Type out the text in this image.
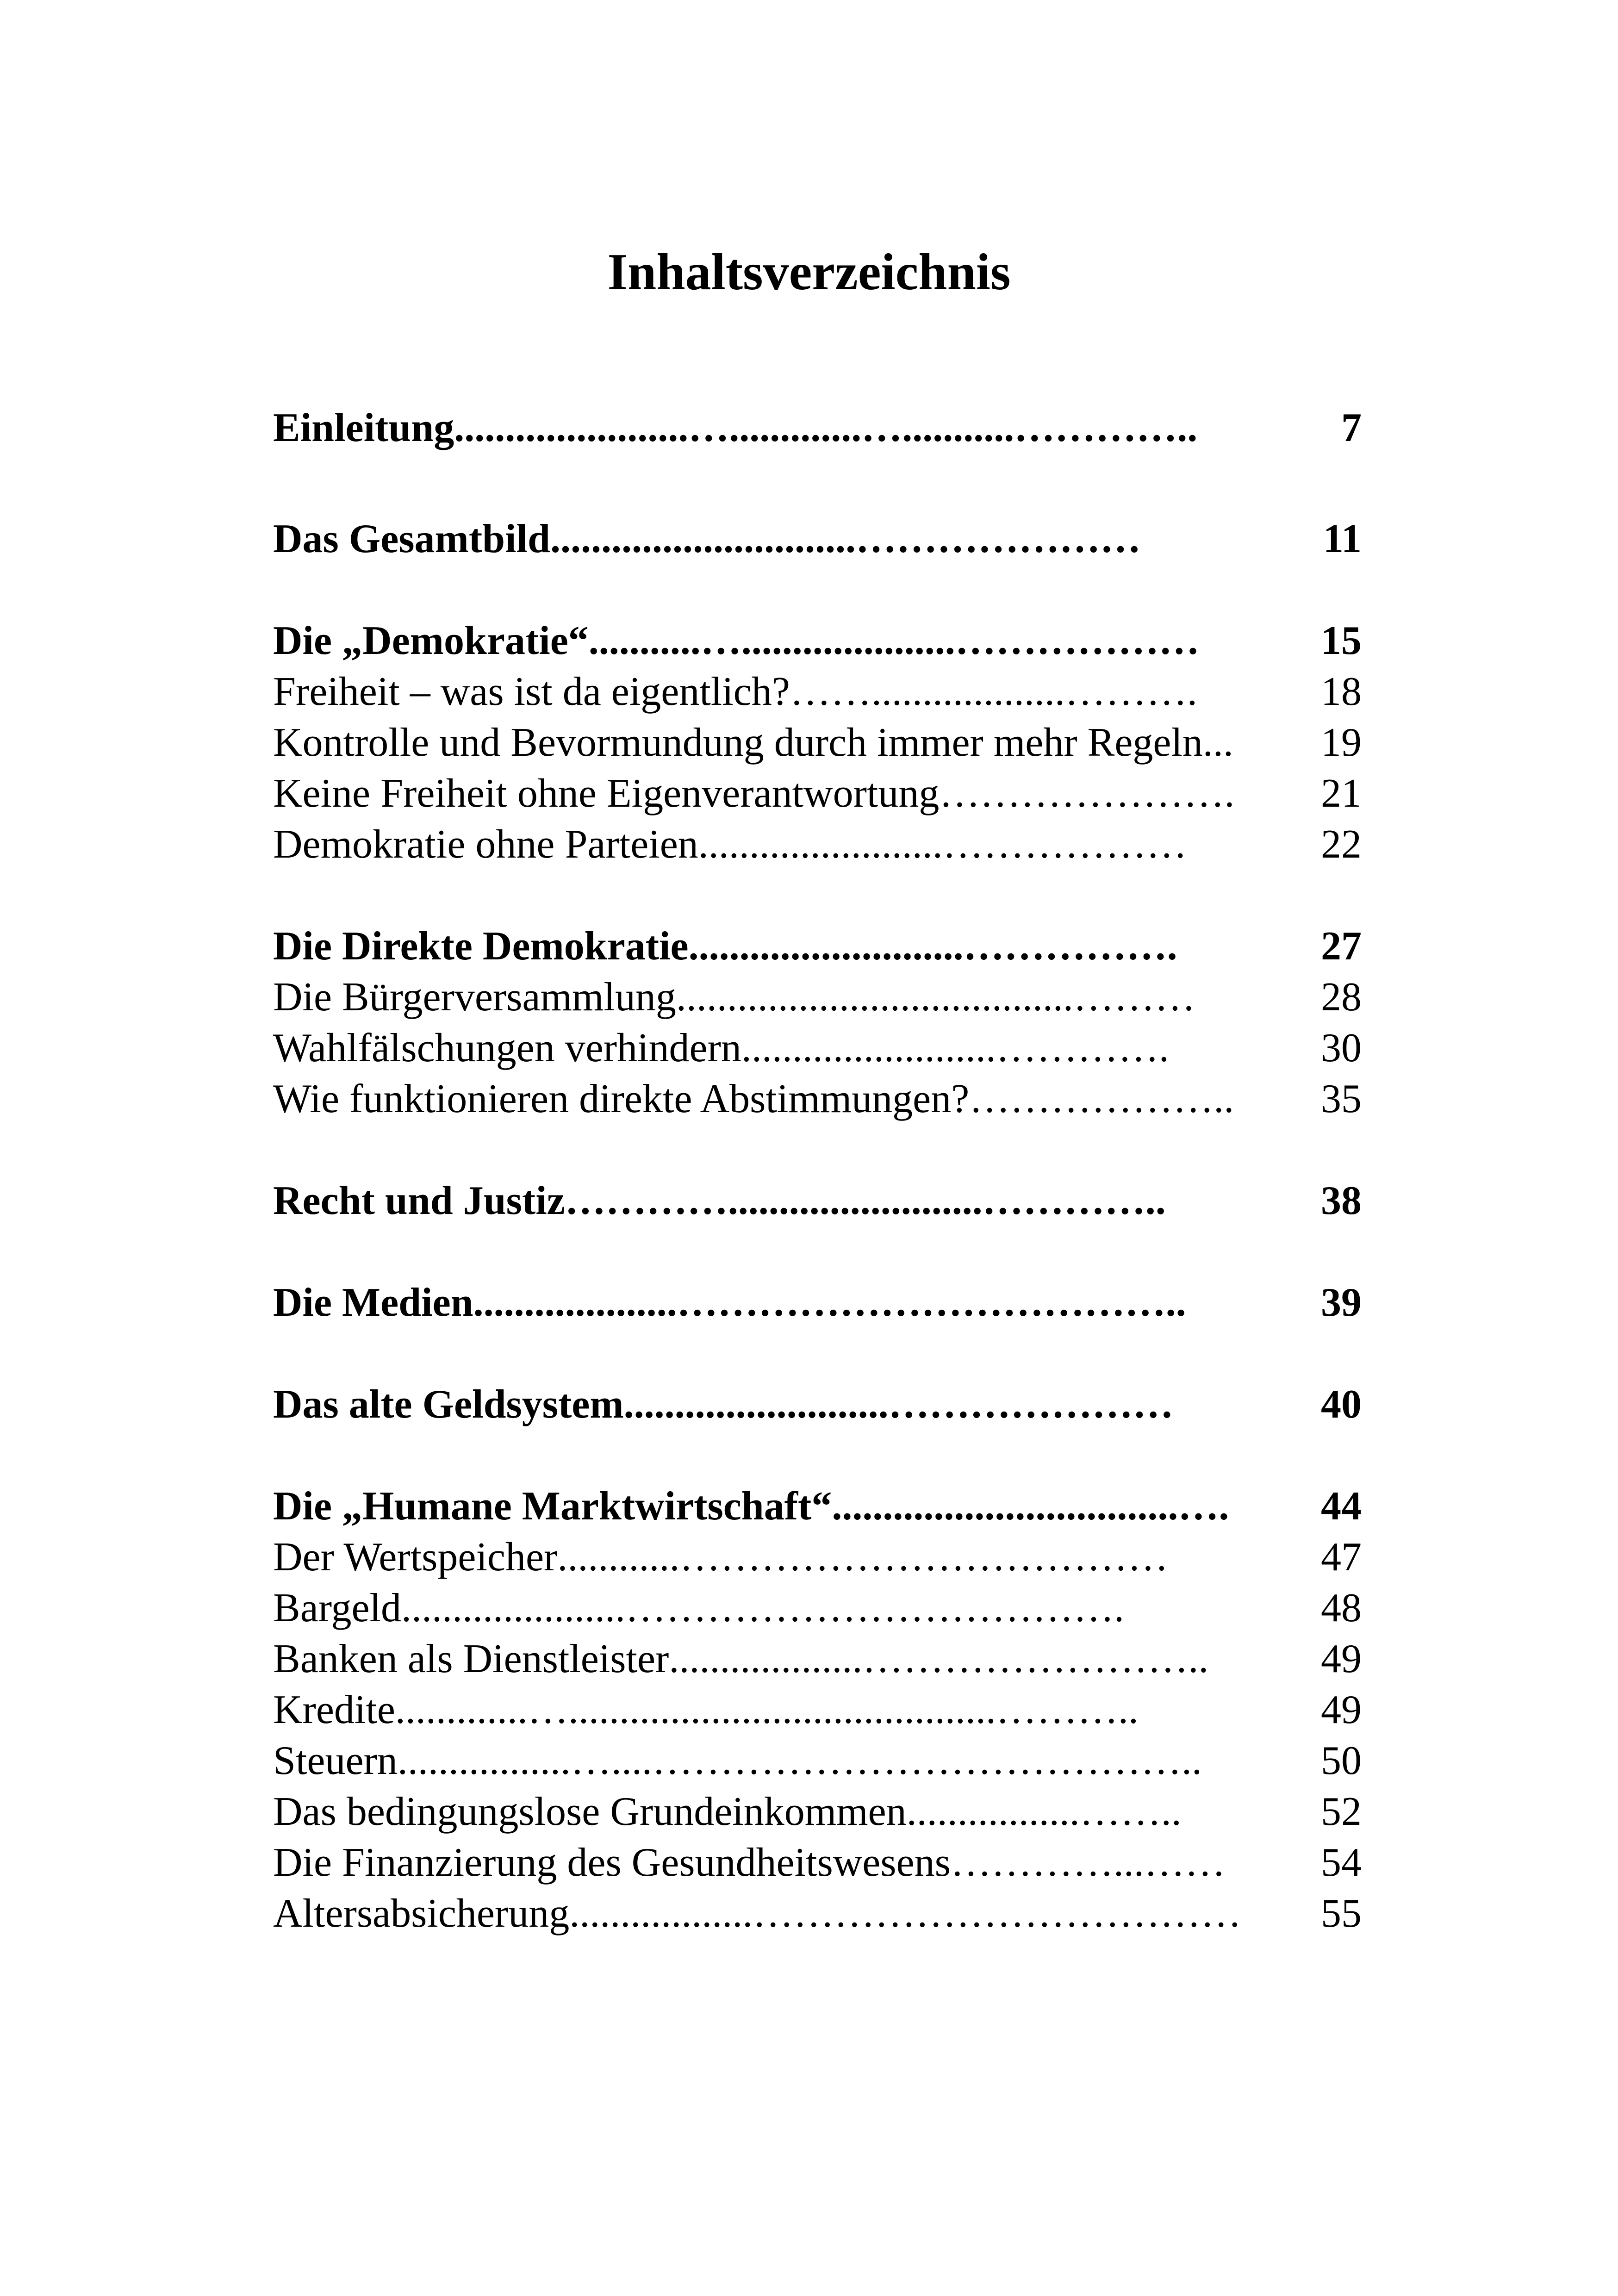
Inhaltsverzeichnis
Einleitung .......................….............…...........…………..	7
Das Gesamtbild ..............................…………………	11
Die „Demokratie“ ...........….....................………………	15
Freiheit – was ist da eigentlich? ……...................……….	18
Kontrolle und Bevormundung durch immer mehr Regeln ...	19
Keine Freiheit ohne Eigenverantwortung ………………….	21
Demokratie ohne Parteien ........................………………	22
Die Direkte Demokratie ...........................…………….	27
Die Bürgerversammlung .......................................………	28
Wahlfälschungen verhindern .........................………….	30
Wie funktionieren direkte Abstimmungen? ………………..	35
Recht und Justiz ………….........................…………..	38
Die Medien ....................………………………………..	39
Das alte Geldsystem ..........................…………………	40
Die „Humane Marktwirtschaft“ ..................................….	44
Der Wertspeicher ............………………………………	47
Bargeld ......................……………………………….	48
Banken als Dienstleister ...................……………………..	49
Kredite .............…..........................................………..	49
Steuern .................…....…………………………………..	50
Das bedingungslose Grundeinkommen .................……..	52
Die Finanzierung des Gesundheitswesens …………...……	54
Altersabsicherung ..................………………………………	55
